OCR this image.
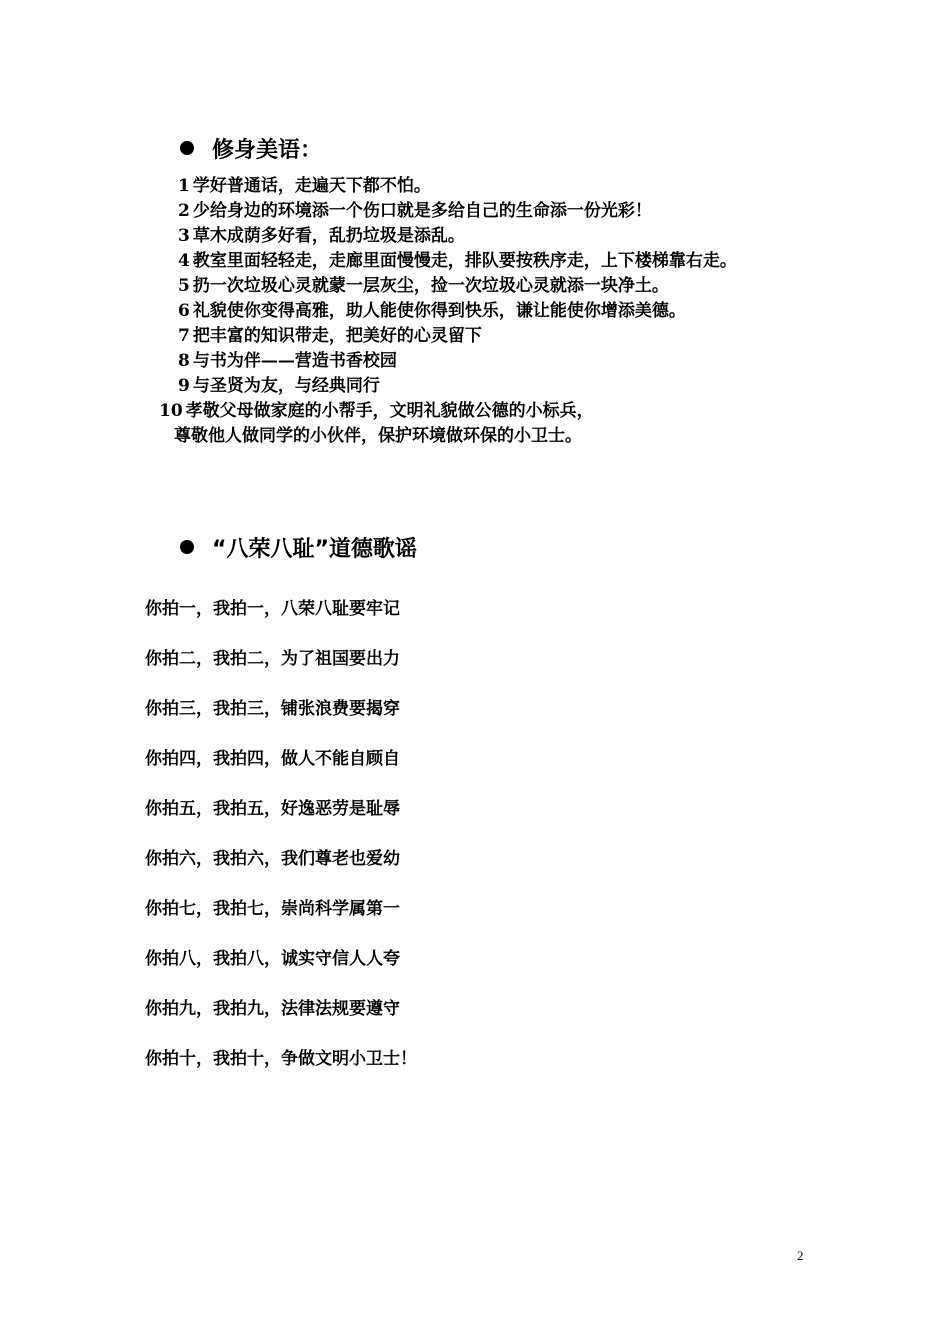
修身美语：
1 学好普通话，走遍天下都不怕。
2 少给身边的环境添一个伤口就是多给自己的生命添一份光彩！
3 草木成荫多好看，乱扔垃圾是添乱。
4 教室里面轻轻走，走廊里面慢慢走，排队要按秩序走，上下楼梯靠右走。
5 扔一次垃圾心灵就蒙一层灰尘，捡一次垃圾心灵就添一块净土。
6 礼貌使你变得高雅，助人能使你得到快乐，谦让能使你增添美德。
7 把丰富的知识带走，把美好的心灵留下
8 与书为伴——营造书香校园
9 与圣贤为友，与经典同行
10 孝敬父母做家庭的小帮手，文明礼貌做公德的小标兵，
尊敬他人做同学的小伙伴，保护环境做环保的小卫士。
“八荣八耻”道德歌谣
你拍一，我拍一，八荣八耻要牢记
你拍二，我拍二，为了祖国要出力
你拍三，我拍三，铺张浪费要揭穿
你拍四，我拍四，做人不能自顾自
你拍五，我拍五，好逸恶劳是耻辱
你拍六，我拍六，我们尊老也爱幼
你拍七，我拍七，崇尚科学属第一
你拍八，我拍八，诚实守信人人夸
你拍九，我拍九，法律法规要遵守
你拍十，我拍十，争做文明小卫士！
2
